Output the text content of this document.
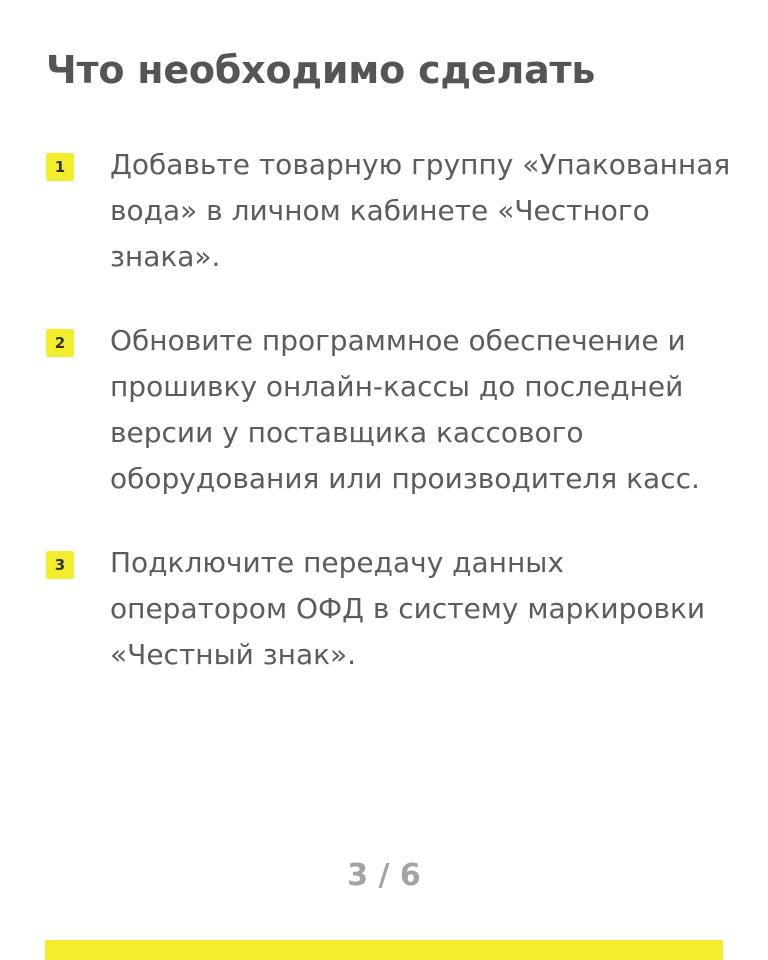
Что необходимо сделать
1	Добавьте товарную группу «Упакованная вода» в личном кабинете «Честного знака».
2	Обновите программное обеспечение и прошивку онлайн-кассы до последней версии у поставщика кассового оборудования или производителя касс.
3	Подключите передачу данных оператором ОФД в систему маркировки «Честный знак».
3 / 6
